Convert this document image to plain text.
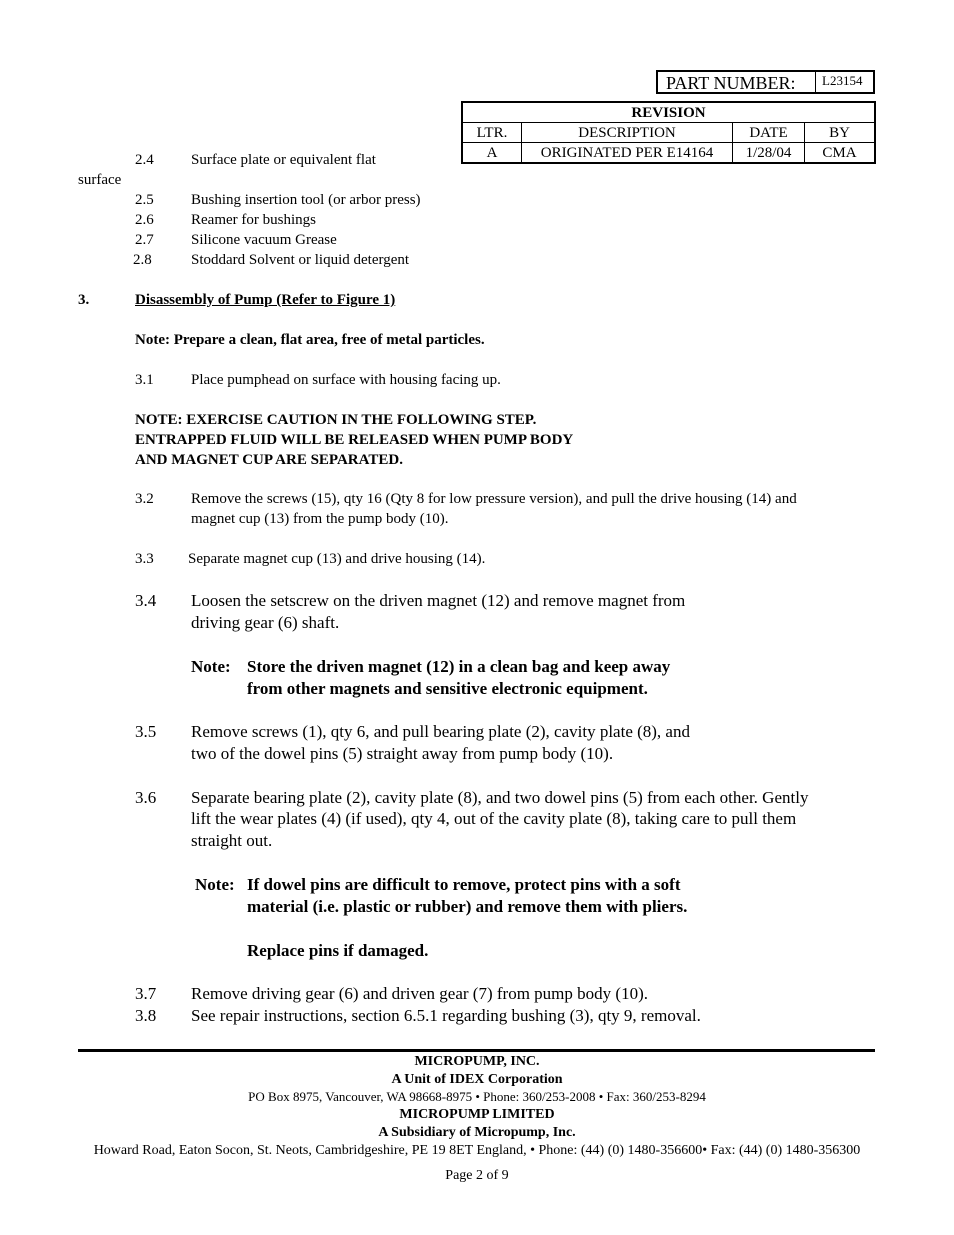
PART NUMBER: L23154
REVISION			
LTR.	DESCRIPTION	DATE	BY
A	ORIGINATED PER E14164	1/28/04	CMA
2.4 Surface plate or equivalent flat
surface
2.5 Bushing insertion tool (or arbor press)
2.6 Reamer for bushings
2.7 Silicone vacuum Grease
2.8	Stoddard Solvent or liquid detergent
3.	Disassembly of Pump (Refer to Figure 1)
Note: Prepare a clean, flat area, free of metal particles.
3.1 Place pumphead on surface with housing facing up.
NOTE: EXERCISE CAUTION IN THE FOLLOWING STEP.
ENTRAPPED FLUID WILL BE RELEASED WHEN PUMP BODY
AND MAGNET CUP ARE SEPARATED.
3.2 Remove the screws (15), qty 16 (Qty 8 for low pressure version), and pull the drive housing (14) and
magnet cup (13) from the pump body (10).
3.3 Separate magnet cup (13) and drive housing (14).
3.4 Loosen the setscrew on the driven magnet (12) and remove magnet from
driving gear (6) shaft.
Note: Store the driven magnet (12) in a clean bag and keep away
from other magnets and sensitive electronic equipment.
3.5 Remove screws (1), qty 6, and pull bearing plate (2), cavity plate (8), and
two of the dowel pins (5) straight away from pump body (10).
3.6 Separate bearing plate (2), cavity plate (8), and two dowel pins (5) from each other. Gently
lift the wear plates (4) (if used), qty 4, out of the cavity plate (8), taking care to pull them
straight out.
Note: If dowel pins are difficult to remove, protect pins with a soft
material (i.e. plastic or rubber) and remove them with pliers.
Replace pins if damaged.
3.7 Remove driving gear (6) and driven gear (7) from pump body (10).
3.8 See repair instructions, section 6.5.1 regarding bushing (3), qty 9, removal.
MICROPUMP, INC.
A Unit of IDEX Corporation
PO Box 8975, Vancouver, WA 98668-8975 • Phone: 360/253-2008 • Fax: 360/253-8294
MICROPUMP LIMITED
A Subsidiary of Micropump, Inc.
Howard Road, Eaton Socon, St. Neots, Cambridgeshire, PE 19 8ET England, • Phone: (44) (0) 1480-356600• Fax: (44) (0) 1480-356300
Page 2 of 9
